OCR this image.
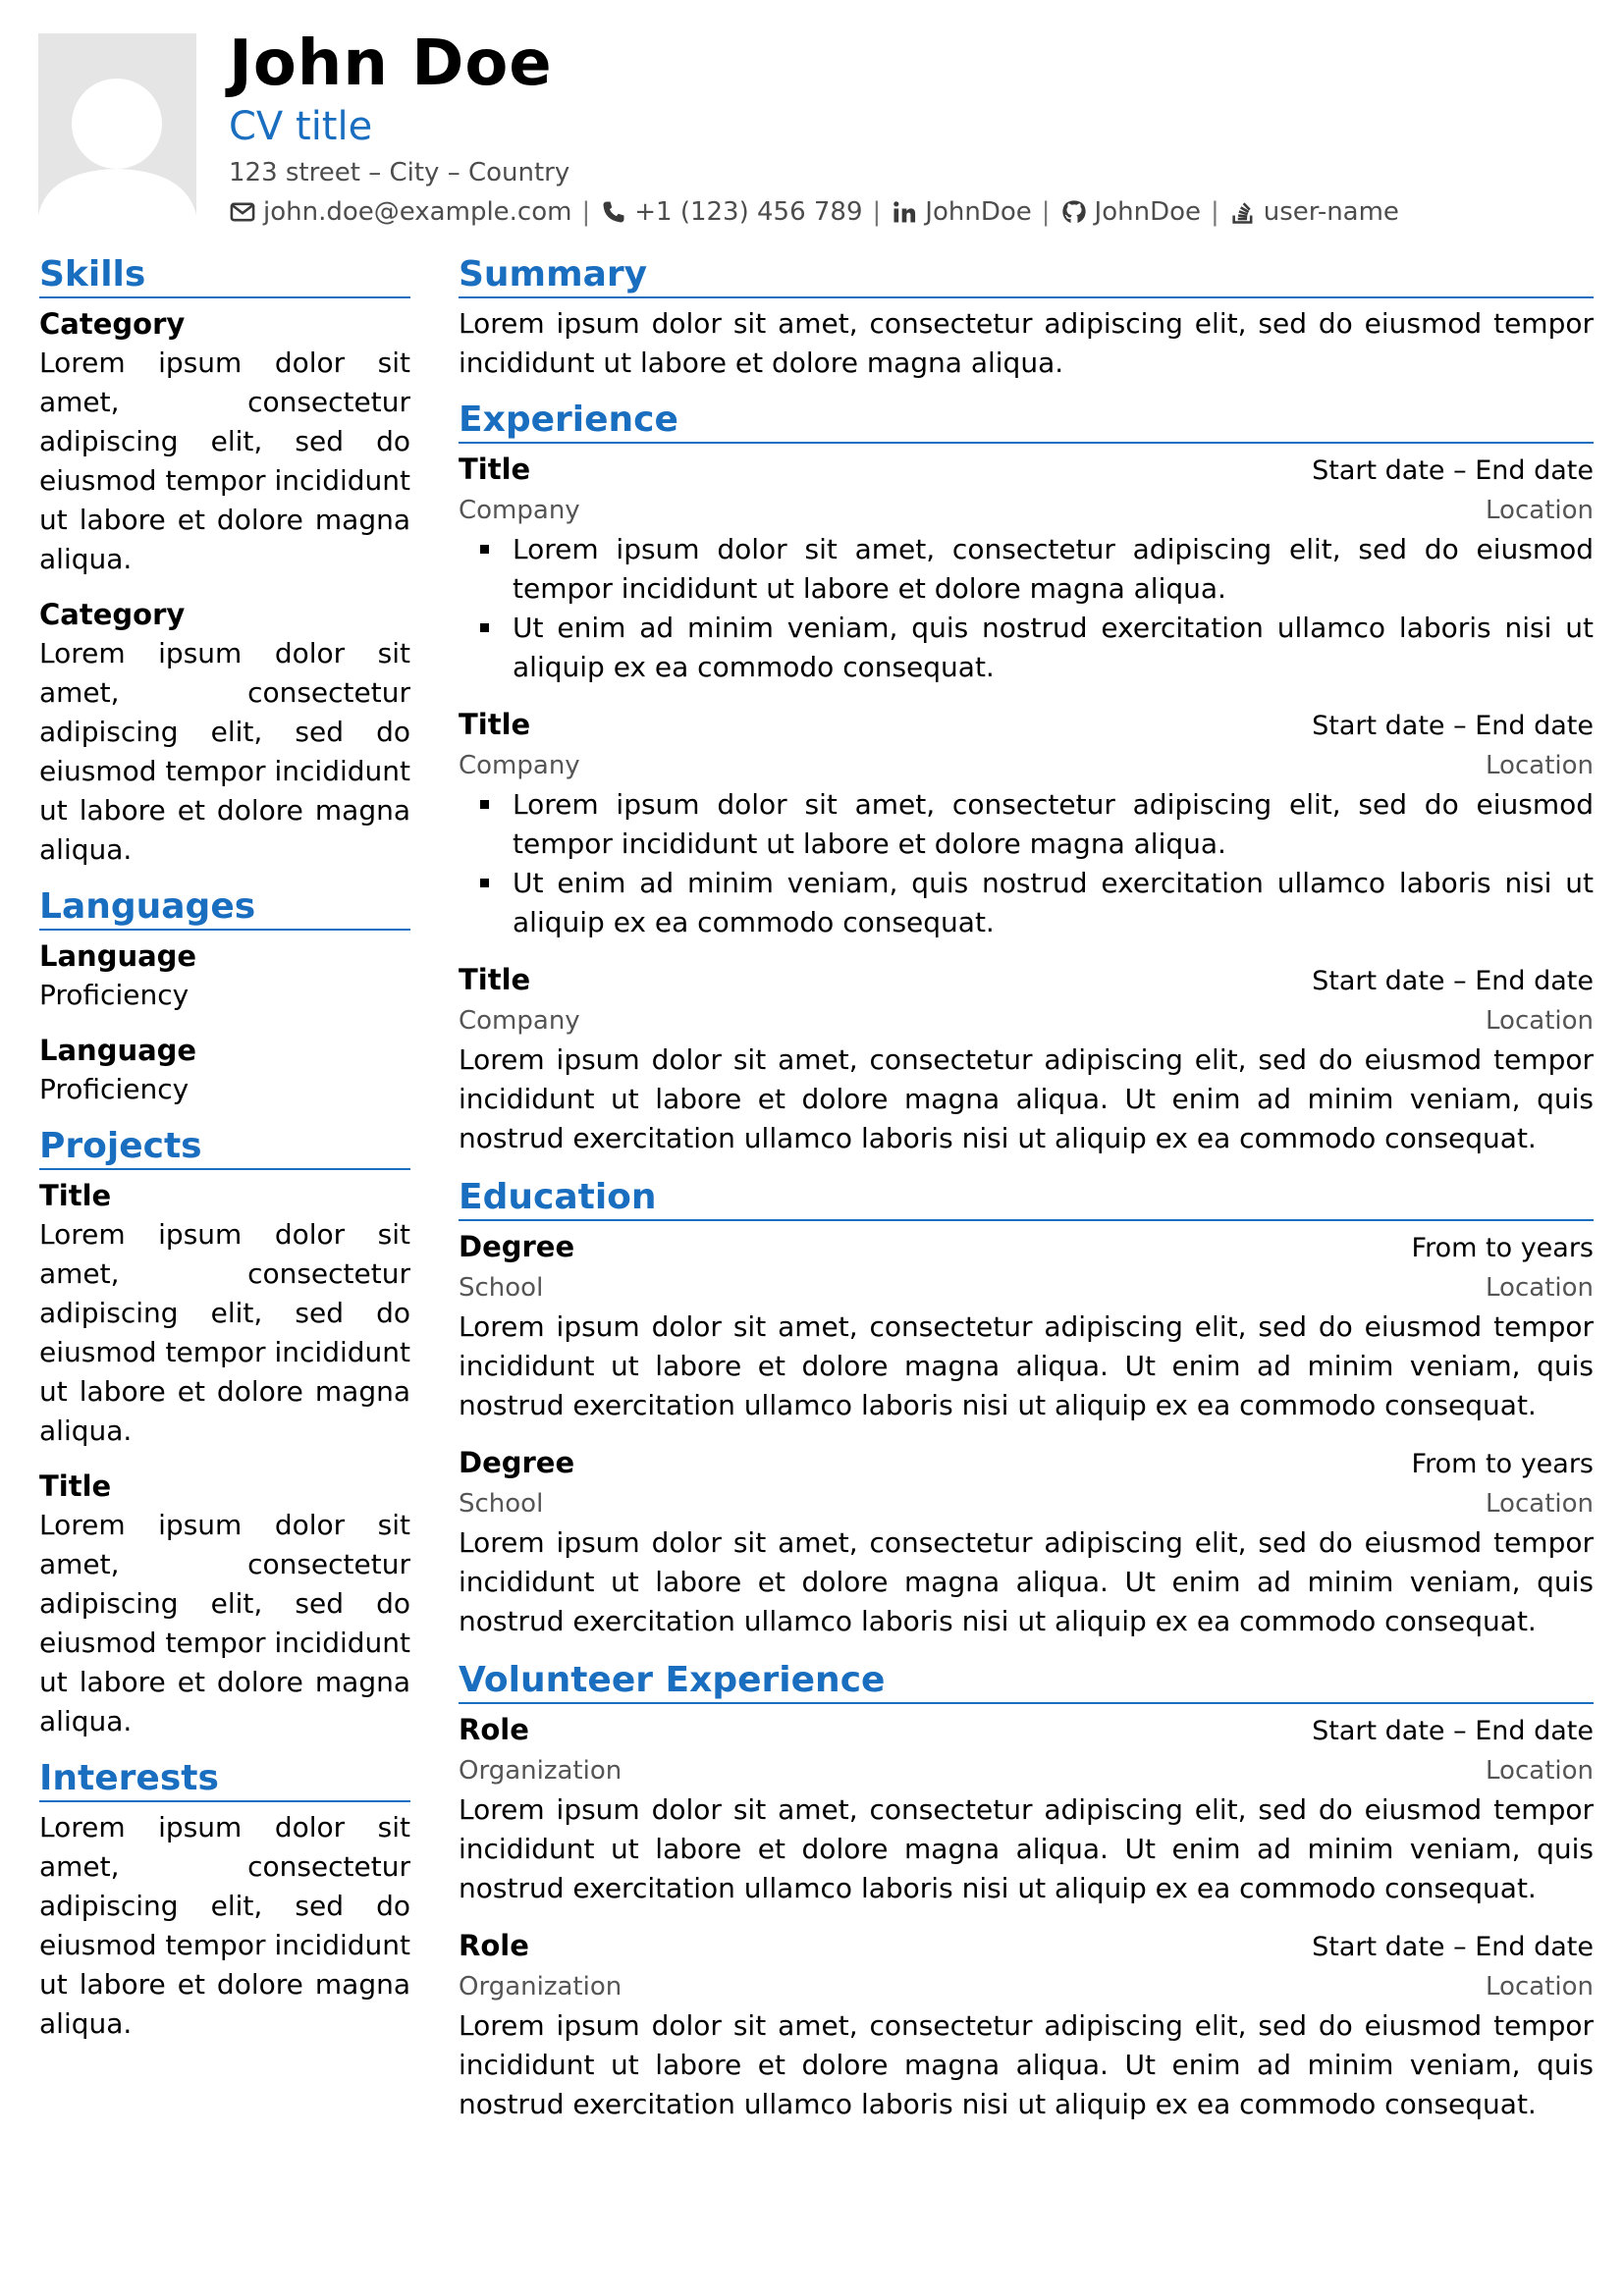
John Doe
CV title
123 street – City – Country
john.doe@example.com | +1 (123) 456 789 | JohnDoe | JohnDoe | user-name
Skills
Category
Lorem ipsum dolor sit amet, consectetur adipiscing elit, sed do eiusmod tempor incididunt ut labore et dolore magna aliqua.
Category
Lorem ipsum dolor sit amet, consectetur adipiscing elit, sed do eiusmod tempor incididunt ut labore et dolore magna aliqua.
Languages
Language
Proficiency
Language
Proficiency
Projects
Title
Lorem ipsum dolor sit amet, consectetur adipiscing elit, sed do eiusmod tempor incididunt ut labore et dolore magna aliqua.
Title
Lorem ipsum dolor sit amet, consectetur adipiscing elit, sed do eiusmod tempor incididunt ut labore et dolore magna aliqua.
Interests
Lorem ipsum dolor sit amet, consectetur adipiscing elit, sed do eiusmod tempor incididunt ut labore et dolore magna aliqua.
Summary
Lorem ipsum dolor sit amet, consectetur adipiscing elit, sed do eiusmod tempor incididunt ut labore et dolore magna aliqua.
Experience
Title	Start date – End date
Company	Location
Lorem ipsum dolor sit amet, consectetur adipiscing elit, sed do eiusmod tempor incididunt ut labore et dolore magna aliqua.
Ut enim ad minim veniam, quis nostrud exercitation ullamco laboris nisi ut aliquip ex ea commodo consequat.
Title	Start date – End date
Company	Location
Lorem ipsum dolor sit amet, consectetur adipiscing elit, sed do eiusmod tempor incididunt ut labore et dolore magna aliqua.
Ut enim ad minim veniam, quis nostrud exercitation ullamco laboris nisi ut aliquip ex ea commodo consequat.
Title	Start date – End date
Company	Location
Lorem ipsum dolor sit amet, consectetur adipiscing elit, sed do eiusmod tempor incididunt ut labore et dolore magna aliqua. Ut enim ad minim veniam, quis nostrud exercitation ullamco laboris nisi ut aliquip ex ea commodo consequat.
Education
Degree	From to years
School	Location
Lorem ipsum dolor sit amet, consectetur adipiscing elit, sed do eiusmod tempor incididunt ut labore et dolore magna aliqua. Ut enim ad minim veniam, quis nostrud exercitation ullamco laboris nisi ut aliquip ex ea commodo consequat.
Degree	From to years
School	Location
Lorem ipsum dolor sit amet, consectetur adipiscing elit, sed do eiusmod tempor incididunt ut labore et dolore magna aliqua. Ut enim ad minim veniam, quis nostrud exercitation ullamco laboris nisi ut aliquip ex ea commodo consequat.
Volunteer Experience
Role	Start date – End date
Organization	Location
Lorem ipsum dolor sit amet, consectetur adipiscing elit, sed do eiusmod tempor incididunt ut labore et dolore magna aliqua. Ut enim ad minim veniam, quis nostrud exercitation ullamco laboris nisi ut aliquip ex ea commodo consequat.
Role	Start date – End date
Organization	Location
Lorem ipsum dolor sit amet, consectetur adipiscing elit, sed do eiusmod tempor incididunt ut labore et dolore magna aliqua. Ut enim ad minim veniam, quis nostrud exercitation ullamco laboris nisi ut aliquip ex ea commodo consequat.
